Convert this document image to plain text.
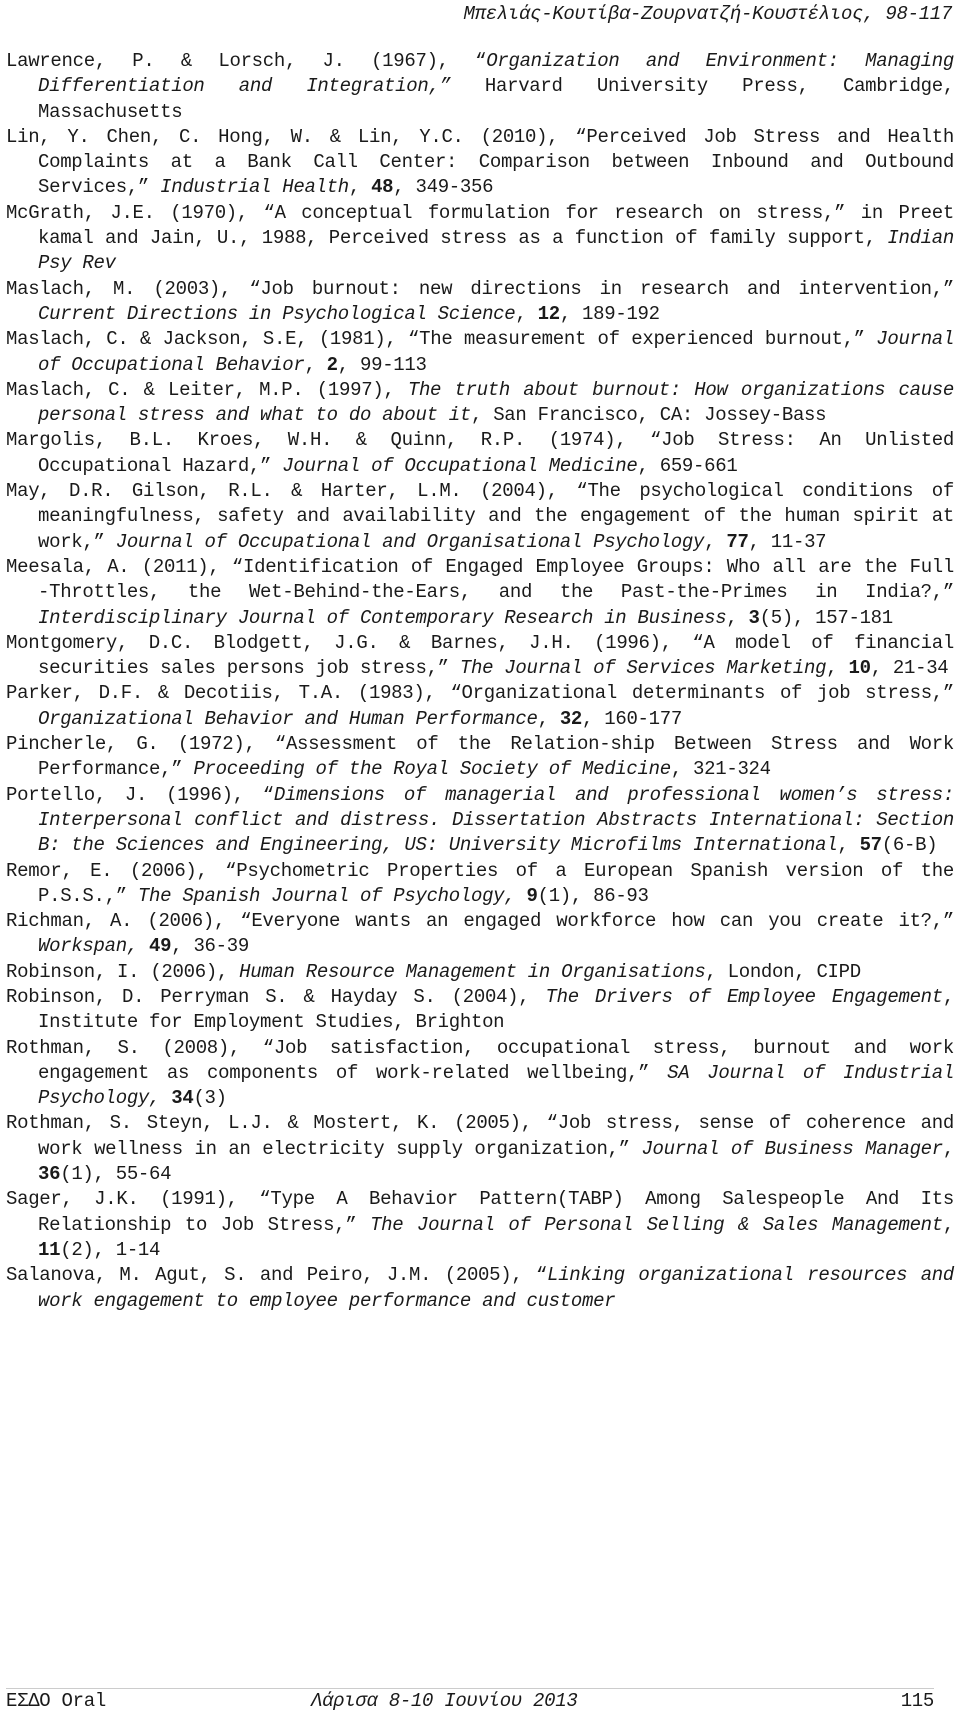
Μπελιάς-Κουτίβα-Ζουρνατζή-Κουστέλιος, 98-117

Lawrence, P. & Lorsch, J. (1967), “Organization and Environment: Managing Differentiation and Integration,” Harvard University Press, Cambridge, Massachusetts

Lin, Y. Chen, C. Hong, W. & Lin, Y.C. (2010), “Perceived Job Stress and Health Complaints at a Bank Call Center: Comparison between Inbound and Outbound Services,” Industrial Health, 48, 349-356

McGrath, J.E. (1970), “A conceptual formulation for research on stress,” in Preet kamal and Jain, U., 1988, Perceived stress as a function of family support, Indian Psy Rev

Maslach, M. (2003), “Job burnout: new directions in research and intervention,” Current Directions in Psychological Science, 12, 189-192

Maslach, C. & Jackson, S.E, (1981), “The measurement of experienced burnout,” Journal of Occupational Behavior, 2, 99-113

Maslach, C. & Leiter, M.P. (1997), The truth about burnout: How organizations cause personal stress and what to do about it, San Francisco, CA: Jossey-Bass

Margolis, B.L. Kroes, W.H. & Quinn, R.P. (1974), “Job Stress: An Unlisted Occupational Hazard,” Journal of Occupational Medicine, 659-661

May, D.R. Gilson, R.L. & Harter, L.M. (2004), “The psychological conditions of meaningfulness, safety and availability and the engagement of the human spirit at work,” Journal of Occupational and Organisational Psychology, 77, 11-37

Meesala, A. (2011), “Identification of Engaged Employee Groups: Who all are the Full -Throttles, the Wet-Behind-the-Ears, and the Past-the-Primes in India?,” Interdisciplinary Journal of Contemporary Research in Business, 3(5), 157-181

Montgomery, D.C. Blodgett, J.G. & Barnes, J.H. (1996), “A model of financial securities sales persons job stress,” The Journal of Services Marketing, 10, 21-34

Parker, D.F. & Decotiis, T.A. (1983), “Organizational determinants of job stress,” Organizational Behavior and Human Performance, 32, 160-177

Pincherle, G. (1972), “Assessment of the Relation-ship Between Stress and Work Performance,” Proceeding of the Royal Society of Medicine, 321-324

Portello, J. (1996), “Dimensions of managerial and professional women’s stress: Interpersonal conflict and distress. Dissertation Abstracts International: Section B: the Sciences and Engineering, US: University Microfilms International, 57(6-B)

Remor, E. (2006), “Psychometric Properties of a European Spanish version of the P.S.S.,” The Spanish Journal of Psychology, 9(1), 86-93

Richman, A. (2006), “Everyone wants an engaged workforce how can you create it?,” Workspan, 49, 36-39

Robinson, I. (2006), Human Resource Management in Organisations, London, CIPD

Robinson, D. Perryman S. & Hayday S. (2004), The Drivers of Employee Engagement, Institute for Employment Studies, Brighton

Rothman, S. (2008), “Job satisfaction, occupational stress, burnout and work engagement as components of work-related wellbeing,” SA Journal of Industrial Psychology, 34(3)

Rothman, S. Steyn, L.J. & Mostert, K. (2005), “Job stress, sense of coherence and work wellness in an electricity supply organization,” Journal of Business Manager, 36(1), 55-64

Sager, J.K. (1991), “Type A Behavior Pattern(TABP) Among Salespeople And Its Relationship to Job Stress,” The Journal of Personal Selling & Sales Management, 11(2), 1-14

Salanova, M. Agut, S. and Peiro, J.M. (2005), “Linking organizational resources and work engagement to employee performance and customer

ΕΣΔΟ Oral	Λάρισα 8-10 Ιουνίου 2013	115
